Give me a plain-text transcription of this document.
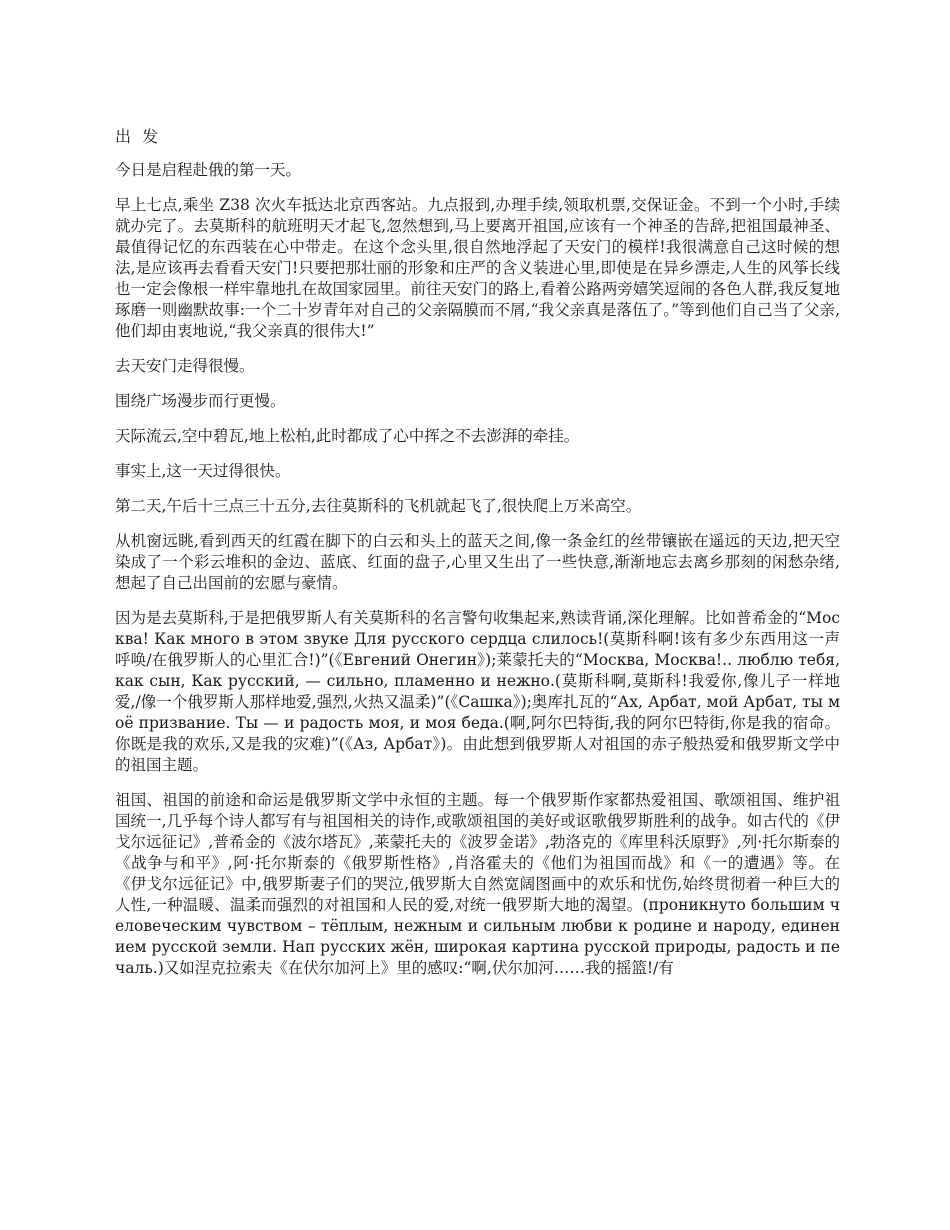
出 发

今日是启程赴俄的第一天。

早上七点,乘坐 Z38 次火车抵达北京西客站。九点报到,办理手续,领取机票,交保证金。不到一个小时,手续就办完了。去莫斯科的航班明天才起飞,忽然想到,马上要离开祖国,应该有一个神圣的告辞,把祖国最神圣、最值得记忆的东西装在心中带走。在这个念头里,很自然地浮起了天安门的模样!我很满意自己这时候的想法,是应该再去看看天安门!只要把那壮丽的形象和庄严的含义装进心里,即使是在异乡漂走,人生的风筝长线也一定会像根一样牢靠地扎在故国家园里。前往天安门的路上,看着公路两旁嬉笑逗闹的各色人群,我反复地琢磨一则幽默故事:一个二十岁青年对自己的父亲隔膜而不屑,“我父亲真是落伍了。”等到他们自己当了父亲,他们却由衷地说,“我父亲真的很伟大!”

去天安门走得很慢。

围绕广场漫步而行更慢。

天际流云,空中碧瓦,地上松柏,此时都成了心中挥之不去澎湃的牵挂。

事实上,这一天过得很快。

第二天,午后十三点三十五分,去往莫斯科的飞机就起飞了,很快爬上万米高空。

从机窗远眺,看到西天的红霞在脚下的白云和头上的蓝天之间,像一条金红的丝带镶嵌在遥远的天边,把天空染成了一个彩云堆积的金边、蓝底、红面的盘子,心里又生出了一些快意,渐渐地忘去离乡那刻的闲愁杂绪,想起了自己出国前的宏愿与豪情。

因为是去莫斯科,于是把俄罗斯人有关莫斯科的名言警句收集起来,熟读背诵,深化理解。比如普希金的“Москва! Как много в этом звуке Для русского сердца слилось!(莫斯科啊!该有多少东西用这一声呼唤/在俄罗斯人的心里汇合!)”(《Евгений Онегин》);莱蒙托夫的“Москва, Москва!.. люблю тебя, как сын, Как русский, — сильно, пламенно и нежно.(莫斯科啊,莫斯科!我爱你,像儿子一样地爱,/像一个俄罗斯人那样地爱,强烈,火热又温柔)”(《Сашка》);奥库扎瓦的“Ах, Арбат, мой Арбат, ты моё призвание. Ты — и радость моя, и моя беда.(啊,阿尔巴特街,我的阿尔巴特街,你是我的宿命。你既是我的欢乐,又是我的灾难)”(《Аз, Арбат》)。由此想到俄罗斯人对祖国的赤子般热爱和俄罗斯文学中的祖国主题。

祖国、祖国的前途和命运是俄罗斯文学中永恒的主题。每一个俄罗斯作家都热爱祖国、歌颂祖国、维护祖国统一,几乎每个诗人都写有与祖国相关的诗作,或歌颂祖国的美好或讴歌俄罗斯胜利的战争。如古代的《伊戈尔远征记》,普希金的《波尔塔瓦》,莱蒙托夫的《波罗金诺》,勃洛克的《库里科沃原野》,列·托尔斯泰的《战争与和平》,阿·托尔斯泰的《俄罗斯性格》,肖洛霍夫的《他们为祖国而战》和《一的遭遇》等。在《伊戈尔远征记》中,俄罗斯妻子们的哭泣,俄罗斯大自然宽阔图画中的欢乐和忧伤,始终贯彻着一种巨大的人性,一种温暖、温柔而强烈的对祖国和人民的爱,对统一俄罗斯大地的渴望。(проникнуто большим человеческим чувством – тёплым, нежным и сильным любви к родине и народу, единением русской земли. Нап русских жён, широкая картина русской природы, радость и печаль.)又如涅克拉索夫《在伏尔加河上》里的感叹:“啊,伏尔加河……我的摇篮!/有
